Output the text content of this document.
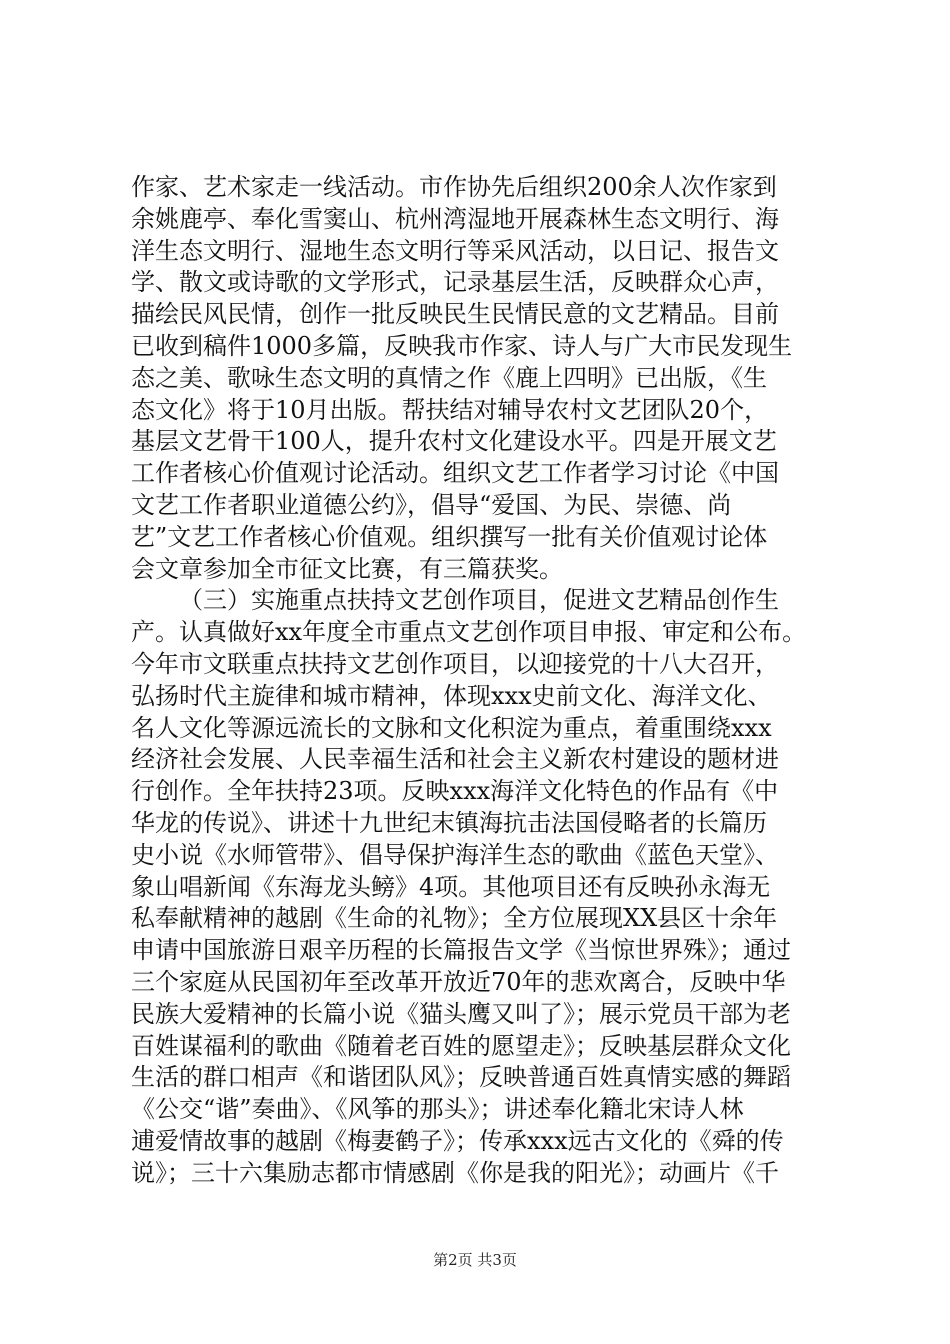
作家、艺术家走一线活动。市作协先后组织200余人次作家到
余姚鹿亭、奉化雪窦山、杭州湾湿地开展森林生态文明行、海
洋生态文明行、湿地生态文明行等采风活动，以日记、报告文
学、散文或诗歌的文学形式，记录基层生活，反映群众心声，
描绘民风民情，创作一批反映民生民情民意的文艺精品。目前
已收到稿件1000多篇，反映我市作家、诗人与广大市民发现生
态之美、歌咏生态文明的真情之作《鹿上四明》已出版，《生
态文化》将于10月出版。帮扶结对辅导农村文艺团队20个，
基层文艺骨干100人，提升农村文化建设水平。四是开展文艺
工作者核心价值观讨论活动。组织文艺工作者学习讨论《中国
文艺工作者职业道德公约》，倡导“爱国、为民、崇德、尚
艺”文艺工作者核心价值观。组织撰写一批有关价值观讨论体
会文章参加全市征文比赛，有三篇获奖。
（三）实施重点扶持文艺创作项目，促进文艺精品创作生
产。认真做好xx年度全市重点文艺创作项目申报、审定和公布。
今年市文联重点扶持文艺创作项目，以迎接党的十八大召开，
弘扬时代主旋律和城市精神，体现xxx史前文化、海洋文化、
名人文化等源远流长的文脉和文化积淀为重点，着重围绕xxx
经济社会发展、人民幸福生活和社会主义新农村建设的题材进
行创作。全年扶持23项。反映xxx海洋文化特色的作品有《中
华龙的传说》、讲述十九世纪末镇海抗击法国侵略者的长篇历
史小说《水师管带》、倡导保护海洋生态的歌曲《蓝色天堂》、
象山唱新闻《东海龙头鳑》4项。其他项目还有反映孙永海无
私奉献精神的越剧《生命的礼物》；全方位展现XX县区十余年
申请中国旅游日艰辛历程的长篇报告文学《当惊世界殊》；通过
三个家庭从民国初年至改革开放近70年的悲欢离合，反映中华
民族大爱精神的长篇小说《猫头鹰又叫了》；展示党员干部为老
百姓谋福利的歌曲《随着老百姓的愿望走》；反映基层群众文化
生活的群口相声《和谐团队风》；反映普通百姓真情实感的舞蹈
《公交“谐”奏曲》、《风筝的那头》；讲述奉化籍北宋诗人林
逋爱情故事的越剧《梅妻鹤子》；传承xxx远古文化的《舜的传
说》；三十六集励志都市情感剧《你是我的阳光》；动画片《千
第2页 共3页
